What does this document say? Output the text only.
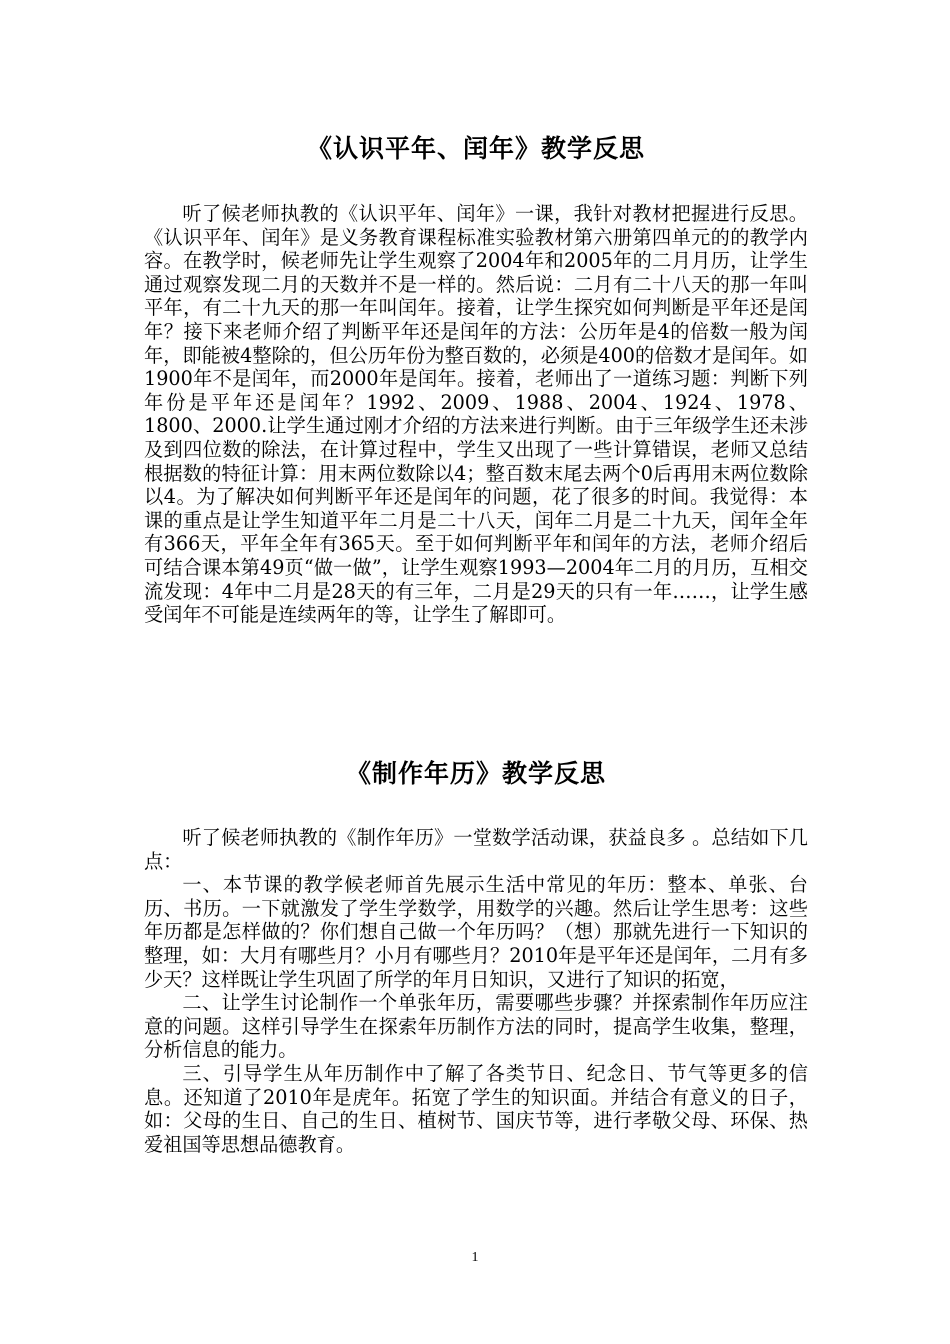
《认识平年、闰年》教学反思

听了候老师执教的《认识平年、闰年》一课，我针对教材把握进行反思。《认识平年、闰年》是义务教育课程标准实验教材第六册第四单元的的教学内容。在教学时，候老师先让学生观察了2004年和2005年的二月月历，让学生通过观察发现二月的天数并不是一样的。然后说：二月有二十八天的那一年叫平年，有二十九天的那一年叫闰年。接着，让学生探究如何判断是平年还是闰年？接下来老师介绍了判断平年还是闰年的方法：公历年是4的倍数一般为闰年，即能被4整除的，但公历年份为整百数的，必须是400的倍数才是闰年。如1900年不是闰年，而2000年是闰年。接着，老师出了一道练习题：判断下列年份是平年还是闰年？1992、2009、1988、2004、1924、1978、1800、2000.让学生通过刚才介绍的方法来进行判断。由于三年级学生还未涉及到四位数的除法，在计算过程中，学生又出现了一些计算错误，老师又总结根据数的特征计算：用末两位数除以4；整百数末尾去两个0后再用末两位数除以4。为了解决如何判断平年还是闰年的问题，花了很多的时间。我觉得：本课的重点是让学生知道平年二月是二十八天，闰年二月是二十九天，闰年全年有366天，平年全年有365天。至于如何判断平年和闰年的方法，老师介绍后可结合课本第49页“做一做”，让学生观察1993—2004年二月的月历，互相交流发现：4年中二月是28天的有三年，二月是29天的只有一年……，让学生感受闰年不可能是连续两年的等，让学生了解即可。

《制作年历》教学反思

听了候老师执教的《制作年历》一堂数学活动课，获益良多 。总结如下几点：

一、本节课的教学候老师首先展示生活中常见的年历：整本、单张、台历、书历。一下就激发了学生学数学，用数学的兴趣。然后让学生思考：这些年历都是怎样做的？你们想自己做一个年历吗？（想）那就先进行一下知识的整理，如：大月有哪些月？小月有哪些月？2010年是平年还是闰年，二月有多少天？这样既让学生巩固了所学的年月日知识，又进行了知识的拓宽，

二、让学生讨论制作一个单张年历，需要哪些步骤？并探索制作年历应注意的问题。这样引导学生在探索年历制作方法的同时，提高学生收集，整理，分析信息的能力。

三、引导学生从年历制作中了解了各类节日、纪念日、节气等更多的信息。还知道了2010年是虎年。拓宽了学生的知识面。并结合有意义的日子，如：父母的生日、自己的生日、植树节、国庆节等，进行孝敬父母、环保、热爱祖国等思想品德教育。

1
